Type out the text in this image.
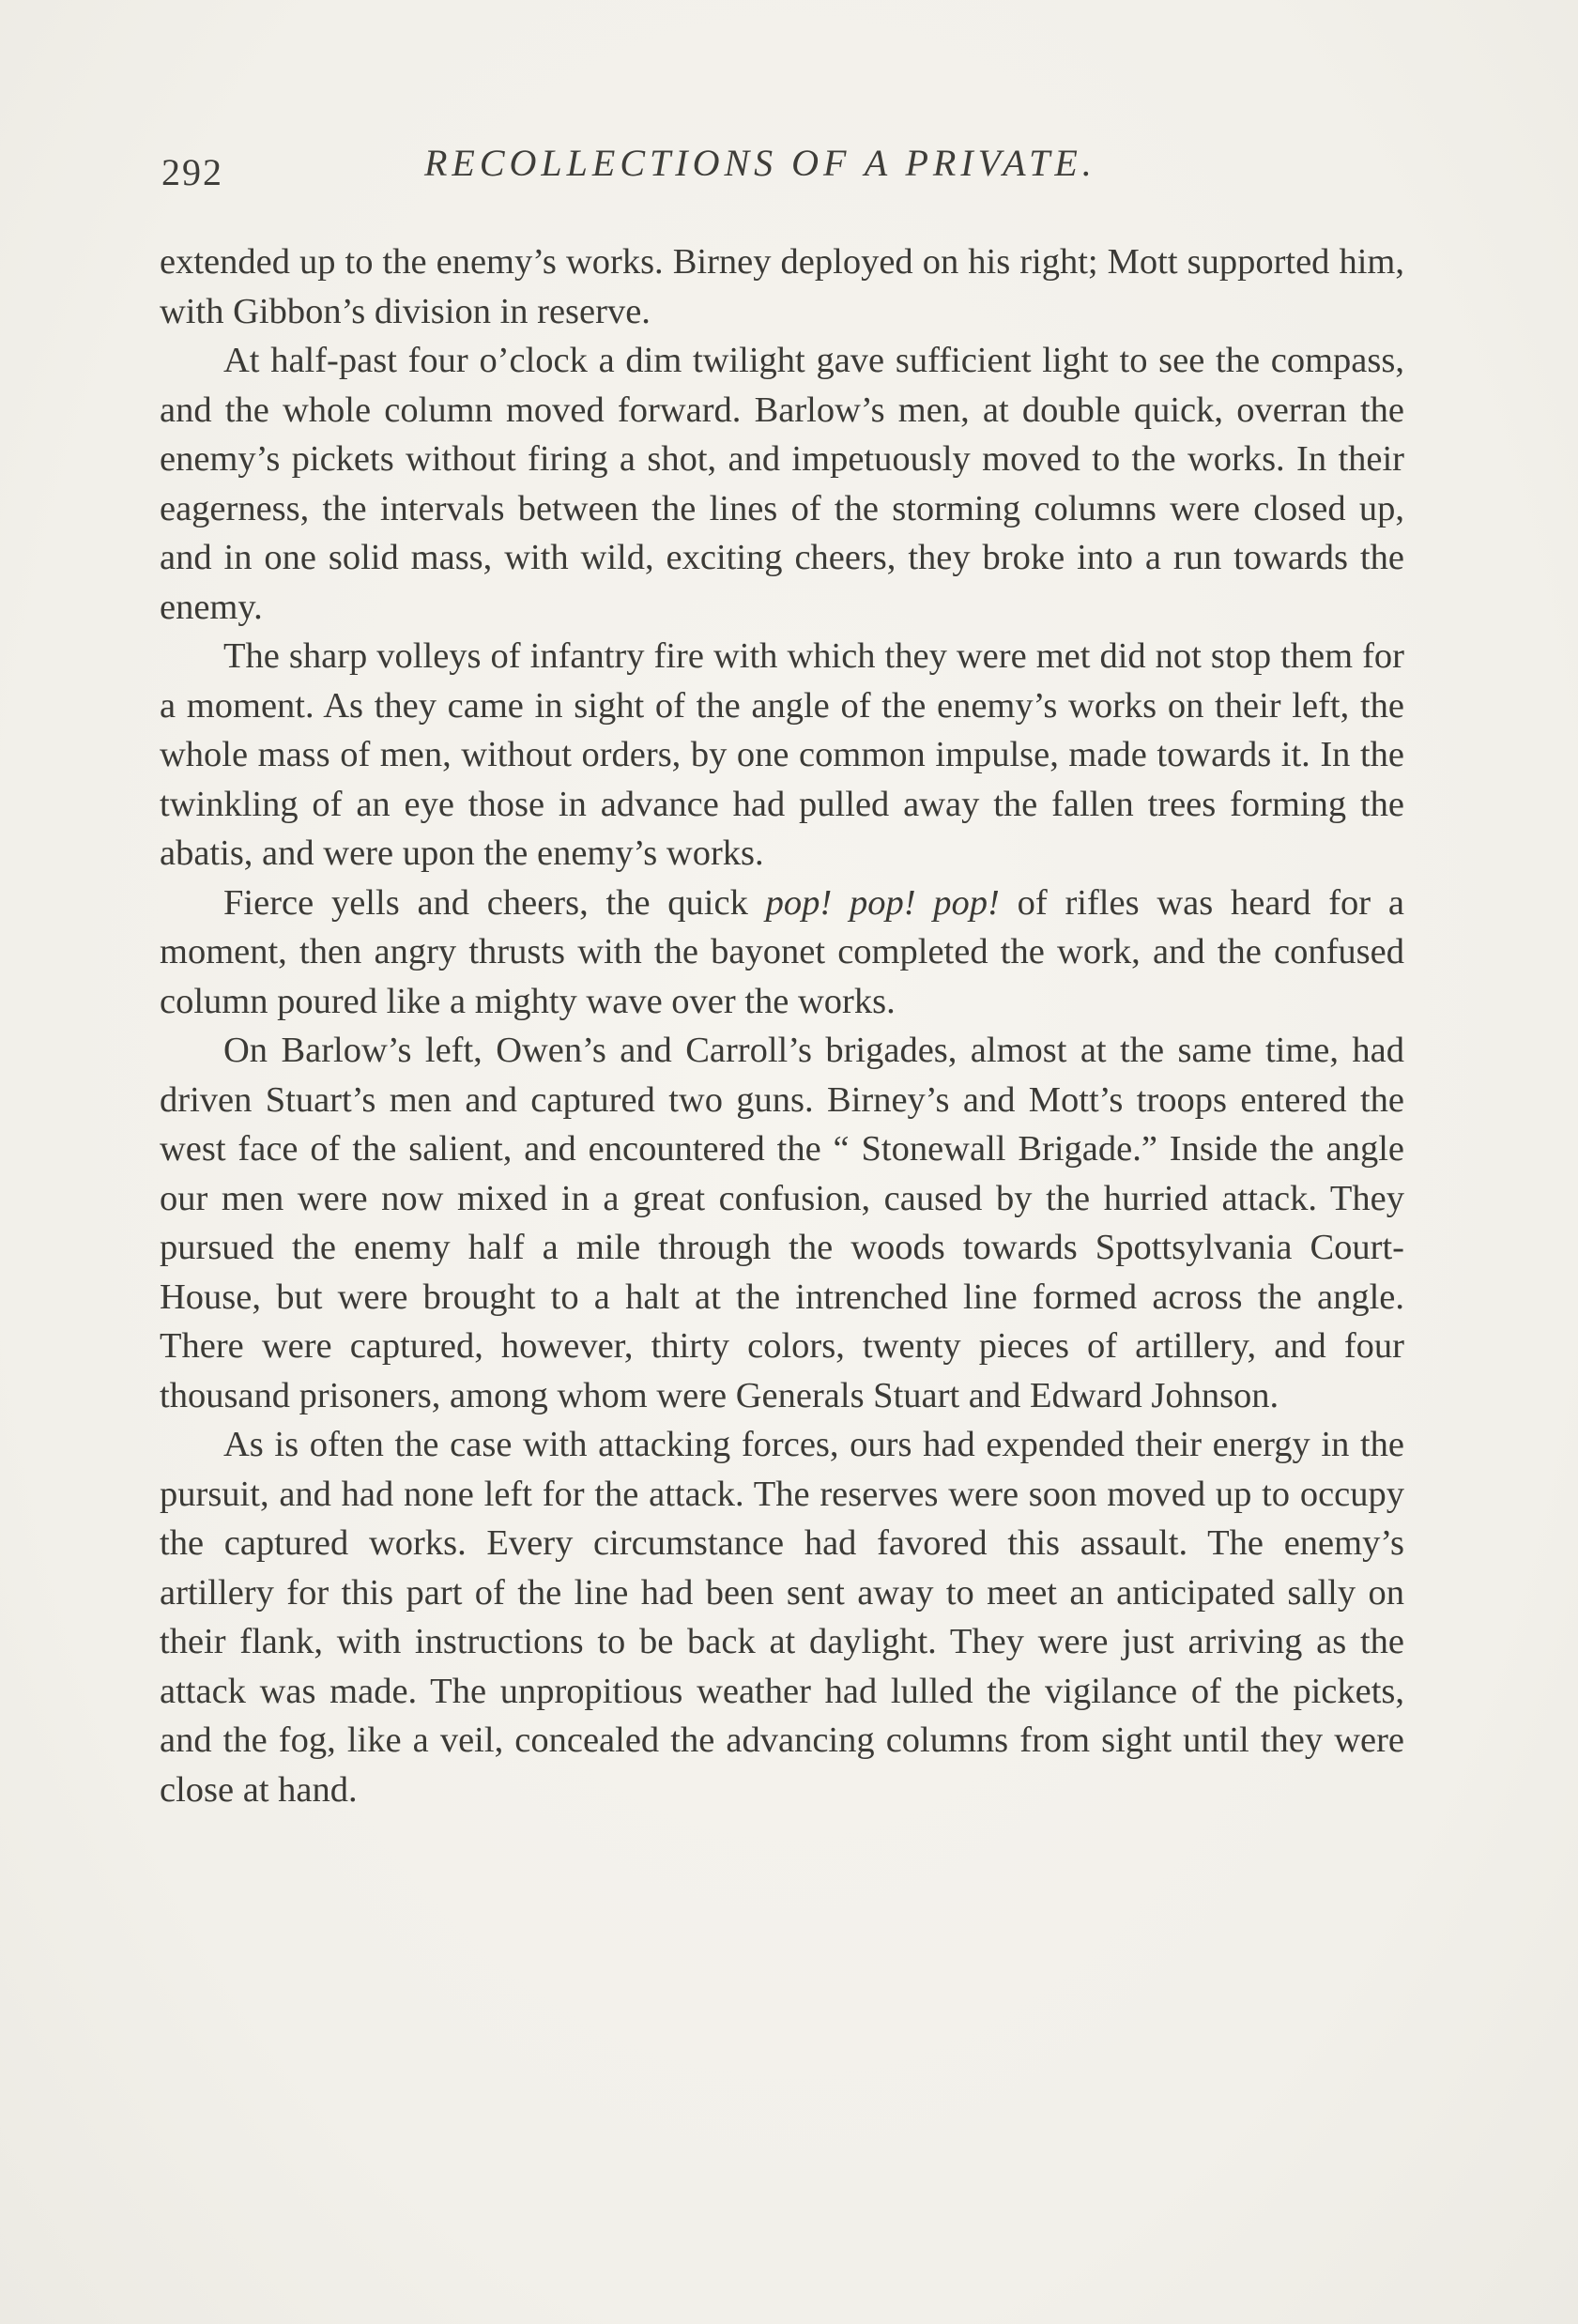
292	RECOLLECTIONS OF A PRIVATE.

extended up to the enemy’s works. Birney deployed on his right; Mott supported him, with Gibbon’s division in reserve.

At half-past four o’clock a dim twilight gave sufficient light to see the compass, and the whole column moved forward. Barlow’s men, at double quick, overran the enemy’s pickets without firing a shot, and impetuously moved to the works. In their eagerness, the intervals between the lines of the storming columns were closed up, and in one solid mass, with wild, exciting cheers, they broke into a run towards the enemy.

The sharp volleys of infantry fire with which they were met did not stop them for a moment. As they came in sight of the angle of the enemy’s works on their left, the whole mass of men, without orders, by one common impulse, made towards it. In the twinkling of an eye those in advance had pulled away the fallen trees forming the abatis, and were upon the enemy’s works.

Fierce yells and cheers, the quick pop! pop! pop! of rifles was heard for a moment, then angry thrusts with the bayonet completed the work, and the confused column poured like a mighty wave over the works.

On Barlow’s left, Owen’s and Carroll’s brigades, almost at the same time, had driven Stuart’s men and captured two guns. Birney’s and Mott’s troops entered the west face of the salient, and encountered the “ Stonewall Brigade.” Inside the angle our men were now mixed in a great confusion, caused by the hurried attack. They pursued the enemy half a mile through the woods towards Spottsylvania Court-House, but were brought to a halt at the intrenched line formed across the angle. There were captured, however, thirty colors, twenty pieces of artillery, and four thousand prisoners, among whom were Generals Stuart and Edward Johnson.

As is often the case with attacking forces, ours had expended their energy in the pursuit, and had none left for the attack. The reserves were soon moved up to occupy the captured works. Every circumstance had favored this assault. The enemy’s artillery for this part of the line had been sent away to meet an anticipated sally on their flank, with instructions to be back at daylight. They were just arriving as the attack was made. The unpropitious weather had lulled the vigilance of the pickets, and the fog, like a veil, concealed the advancing columns from sight until they were close at hand.
